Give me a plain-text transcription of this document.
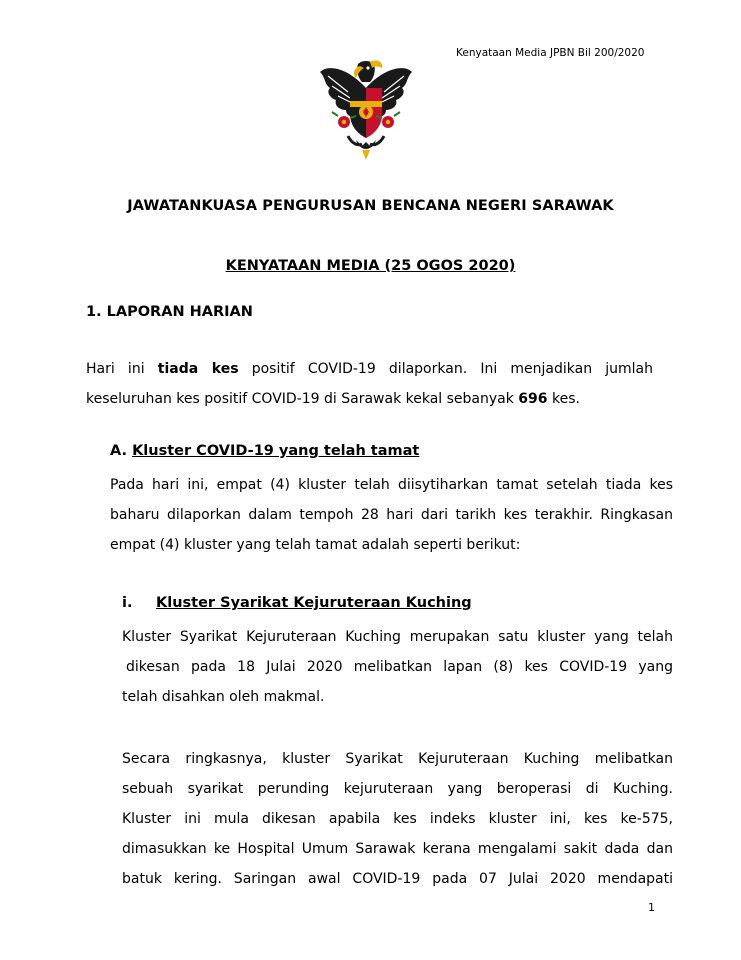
Kenyataan Media JPBN Bil 200/2020
JAWATANKUASA PENGURUSAN BENCANA NEGERI SARAWAK
KENYATAAN MEDIA (25 OGOS 2020)
1. LAPORAN HARIAN
Hari ini tiada kes positif COVID-19 dilaporkan. Ini menjadikan jumlah
keseluruhan kes positif COVID-19 di Sarawak kekal sebanyak 696 kes.
A. Kluster COVID-19 yang telah tamat
Pada hari ini, empat (4) kluster telah diisytiharkan tamat setelah tiada kes
baharu dilaporkan dalam tempoh 28 hari dari tarikh kes terakhir. Ringkasan
empat (4) kluster yang telah tamat adalah seperti berikut:
i. Kluster Syarikat Kejuruteraan Kuching
Kluster Syarikat Kejuruteraan Kuching merupakan satu kluster yang telah
dikesan pada 18 Julai 2020 melibatkan lapan (8) kes COVID-19 yang
telah disahkan oleh makmal.
Secara ringkasnya, kluster Syarikat Kejuruteraan Kuching melibatkan
sebuah syarikat perunding kejuruteraan yang beroperasi di Kuching.
Kluster ini mula dikesan apabila kes indeks kluster ini, kes ke-575,
dimasukkan ke Hospital Umum Sarawak kerana mengalami sakit dada dan
batuk kering. Saringan awal COVID-19 pada 07 Julai 2020 mendapati
1
